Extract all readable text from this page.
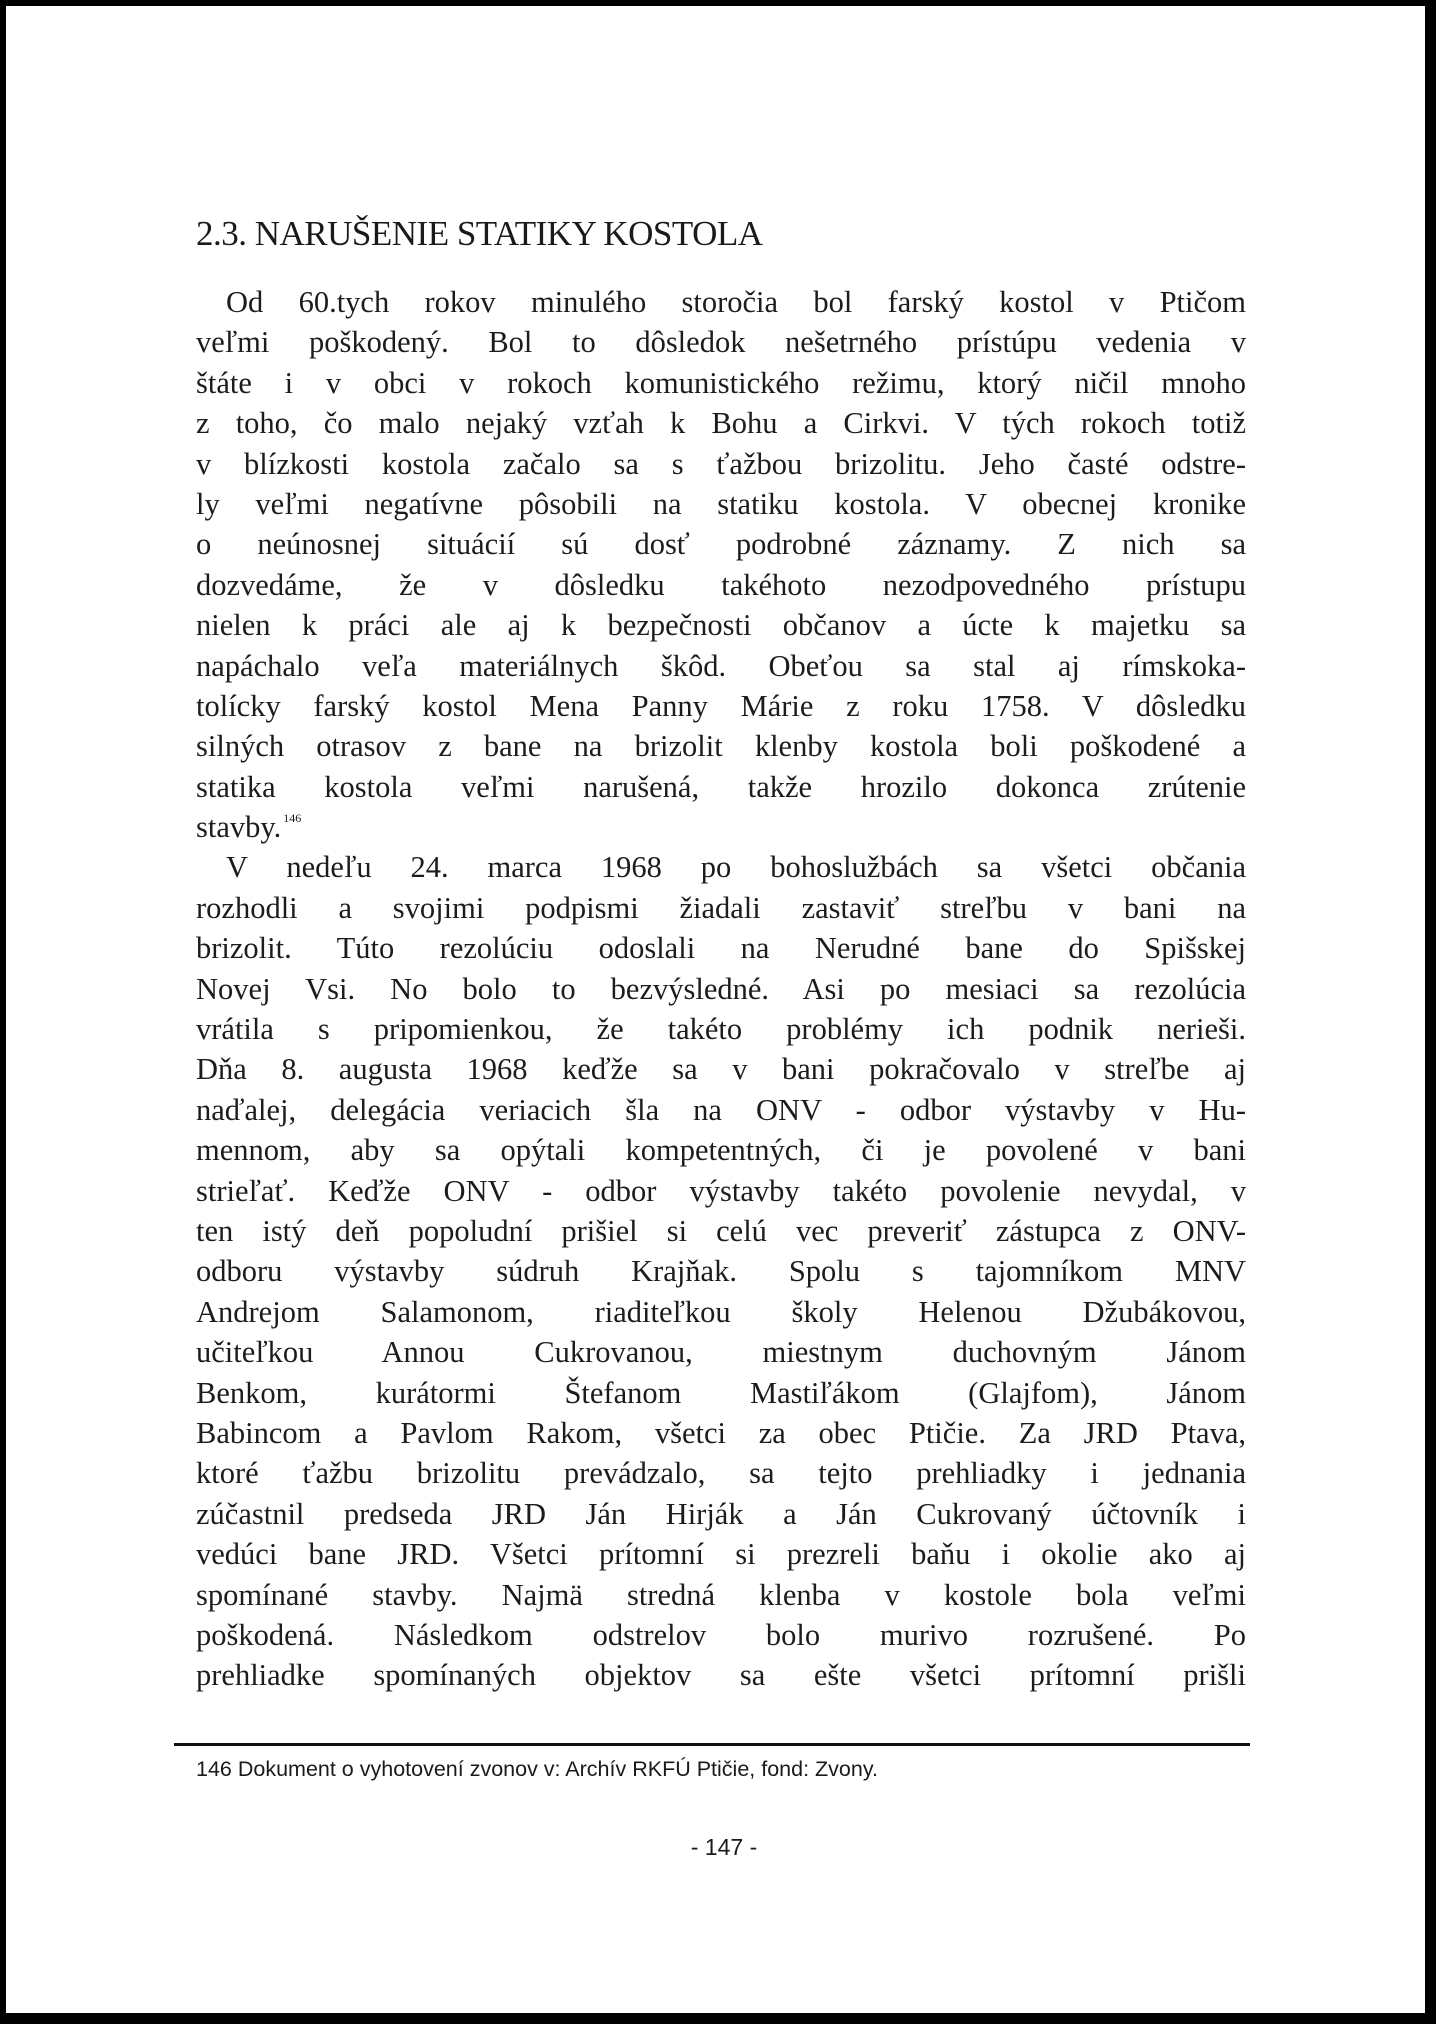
2.3. NARUŠENIE STATIKY KOSTOLA
Od 60.tych rokov minulého storočia bol farský kostol v Ptičom
veľmi poškodený. Bol to dôsledok nešetrného prístúpu vedenia v
štáte i v obci v rokoch komunistického režimu, ktorý ničil mnoho
z toho, čo malo nejaký vzťah k Bohu a Cirkvi. V tých rokoch totiž
v blízkosti kostola začalo sa s ťažbou brizolitu. Jeho časté odstre-
ly veľmi negatívne pôsobili na statiku kostola. V obecnej kronike
o neúnosnej situácií sú dosť podrobné záznamy. Z nich sa
dozvedáme, že v dôsledku takéhoto nezodpovedného prístupu
nielen k práci ale aj k bezpečnosti občanov a úcte k majetku sa
napáchalo veľa materiálnych škôd. Obeťou sa stal aj rímskoka-
tolícky farský kostol Mena Panny Márie z roku 1758. V dôsledku
silných otrasov z bane na brizolit klenby kostola boli poškodené a
statika kostola veľmi narušená, takže hrozilo dokonca zrútenie
stavby. $^{146}$
V nedeľu 24. marca 1968 po bohoslužbách sa všetci občania
rozhodli a svojimi podpismi žiadali zastaviť streľbu v bani na
brizolit. Túto rezolúciu odoslali na Nerudné bane do Spišskej
Novej Vsi. No bolo to bezvýsledné. Asi po mesiaci sa rezolúcia
vrátila s pripomienkou, že takéto problémy ich podnik nerieši.
Dňa 8. augusta 1968 keďže sa v bani pokračovalo v streľbe aj
naďalej, delegácia veriacich šla na ONV - odbor výstavby v Hu-
mennom, aby sa opýtali kompetentných, či je povolené v bani
strieľať. Keďže ONV - odbor výstavby takéto povolenie nevydal, v
ten istý deň popoludní prišiel si celú vec preveriť zástupca z ONV-
odboru výstavby súdruh Krajňak. Spolu s tajomníkom MNV
Andrejom Salamonom, riaditeľkou školy Helenou Džubákovou,
učiteľkou Annou Cukrovanou, miestnym duchovným Jánom
Benkom, kurátormi Štefanom Mastiľákom (Glajfom), Jánom
Babincom a Pavlom Rakom, všetci za obec Ptičie. Za JRD Ptava,
ktoré ťažbu brizolitu prevádzalo, sa tejto prehliadky i jednania
zúčastnil predseda JRD Ján Hirják a Ján Cukrovaný účtovník i
vedúci bane JRD. Všetci prítomní si prezreli baňu i okolie ako aj
spomínané stavby. Najmä stredná klenba v kostole bola veľmi
poškodená. Následkom odstrelov bolo murivo rozrušené. Po
prehliadke spomínaných objektov sa ešte všetci prítomní prišli
146 Dokument o vyhotovení zvonov v: Archív RKFÚ Ptičie, fond: Zvony.
- 147 -
